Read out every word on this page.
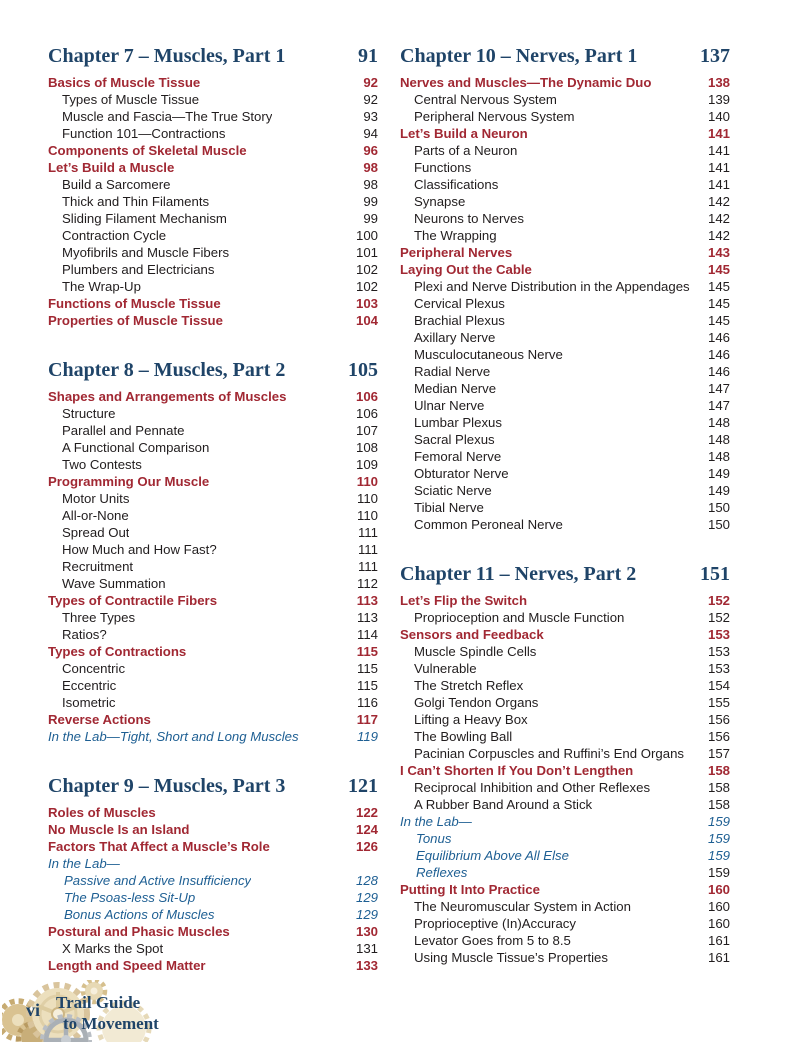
Chapter 7 – Muscles, Part 1	91
Basics of Muscle Tissue	92
Types of Muscle Tissue	92
Muscle and Fascia—The True Story	93
Function 101—Contractions	94
Components of Skeletal Muscle	96
Let’s Build a Muscle	98
Build a Sarcomere	98
Thick and Thin Filaments	99
Sliding Filament Mechanism	99
Contraction Cycle	100
Myofibrils and Muscle Fibers	101
Plumbers and Electricians	102
The Wrap-Up	102
Functions of Muscle Tissue	103
Properties of Muscle Tissue	104
Chapter 8 – Muscles, Part 2	105
Shapes and Arrangements of Muscles	106
Structure	106
Parallel and Pennate	107
A Functional Comparison	108
Two Contests	109
Programming Our Muscle	110
Motor Units	110
All-or-None	110
Spread Out	111
How Much and How Fast?	111
Recruitment	111
Wave Summation	112
Types of Contractile Fibers	113
Three Types	113
Ratios?	114
Types of Contractions	115
Concentric	115
Eccentric	115
Isometric	116
Reverse Actions	117
In the Lab—Tight, Short and Long Muscles	119
Chapter 9 – Muscles, Part 3	121
Roles of Muscles	122
No Muscle Is an Island	124
Factors That Affect a Muscle’s Role	126
In the Lab—
Passive and Active Insufficiency	128
The Psoas-less Sit-Up	129
Bonus Actions of Muscles	129
Postural and Phasic Muscles	130
X Marks the Spot	131
Length and Speed Matter	133
Chapter 10 – Nerves, Part 1	137
Nerves and Muscles—The Dynamic Duo	138
Central Nervous System	139
Peripheral Nervous System	140
Let’s Build a Neuron	141
Parts of a Neuron	141
Functions	141
Classifications	141
Synapse	142
Neurons to Nerves	142
The Wrapping	142
Peripheral Nerves	143
Laying Out the Cable	145
Plexi and Nerve Distribution in the Appendages 145
Cervical Plexus	145
Brachial Plexus	145
Axillary Nerve	146
Musculocutaneous Nerve	146
Radial Nerve	146
Median Nerve	147
Ulnar Nerve	147
Lumbar Plexus	148
Sacral Plexus	148
Femoral Nerve	148
Obturator Nerve	149
Sciatic Nerve	149
Tibial Nerve	150
Common Peroneal Nerve	150
Chapter 11 – Nerves, Part 2	151
Let’s Flip the Switch	152
Proprioception and Muscle Function	152
Sensors and Feedback	153
Muscle Spindle Cells	153
Vulnerable	153
The Stretch Reflex	154
Golgi Tendon Organs	155
Lifting a Heavy Box	156
The Bowling Ball	156
Pacinian Corpuscles and Ruffini’s End Organs 157
I Can’t Shorten If You Don’t Lengthen	158
Reciprocal Inhibition and Other Reflexes	158
A Rubber Band Around a Stick	158
In the Lab—	159
Tonus	159
Equilibrium Above All Else	159
Reflexes	159
Putting It Into Practice	160
The Neuromuscular System in Action	160
Proprioceptive (In)Accuracy	160
Levator Goes from 5 to 8.5	161
Using Muscle Tissue’s Properties	161
vi Trail Guide
to Movement
